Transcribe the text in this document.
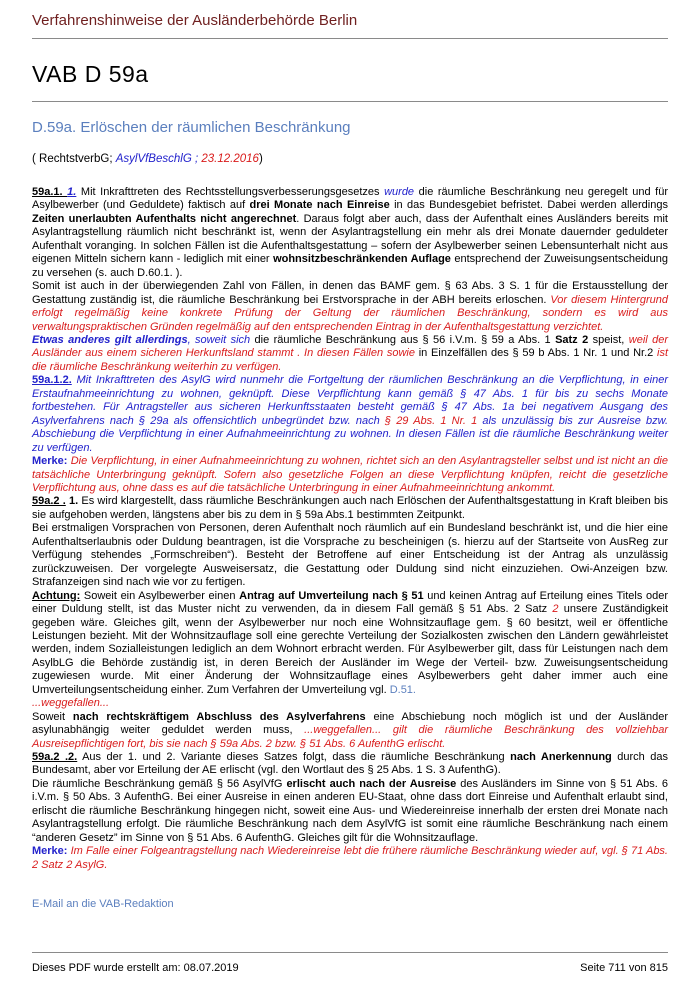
Verfahrenshinweise der Ausländerbehörde Berlin
VAB D 59a
D.59a. Erlöschen der räumlichen Beschränkung

( RechtstverbG; AsylVfBeschlG ; 23.12.2016)

59a.1. 1. Mit Inkrafttreten des Rechtsstellungsverbesserungsgesetzes wurde die räumliche Beschränkung neu geregelt und für Asylbewerber (und Geduldete) faktisch auf drei Monate nach Einreise in das Bundesgebiet befristet. Dabei werden allerdings Zeiten unerlaubten Aufenthalts nicht angerechnet. Daraus folgt aber auch, dass der Aufenthalt eines Ausländers bereits mit Asylantragstellung räumlich nicht beschränkt ist, wenn der Asylantragstellung ein mehr als drei Monate dauernder geduldeter Aufenthalt voranging. In solchen Fällen ist die Aufenthaltsgestattung – sofern der Asylbewerber seinen Lebensunterhalt nicht aus eigenen Mitteln sichern kann - lediglich mit einer wohnsitzbeschränkenden Auflage entsprechend der Zuweisungsentscheidung zu versehen (s. auch D.60.1. ).

Somit ist auch in der überwiegenden Zahl von Fällen, in denen das BAMF gem. § 63 Abs. 3 S. 1 für die Erstausstellung der Gestattung zuständig ist, die räumliche Beschränkung bei Erstvorsprache in der ABH bereits erloschen. Vor diesem Hintergrund erfolgt regelmäßig keine konkrete Prüfung der Geltung der räumlichen Beschränkung, sondern es wird aus verwaltungspraktischen Gründen regelmäßig auf den entsprechenden Eintrag in der Aufenthaltsgestattung verzichtet.

Etwas anderes gilt allerdings, soweit sich die räumliche Beschränkung aus § 56 i.V.m. § 59 a Abs. 1 Satz 2 speist, weil der Ausländer aus einem sicheren Herkunftsland stammt . In diesen Fällen sowie in Einzelfällen des § 59 b Abs. 1 Nr. 1 und Nr.2 ist die räumliche Beschränkung weiterhin zu verfügen.

59a.1.2. Mit Inkrafttreten des AsylG wird nunmehr die Fortgeltung der räumlichen Beschränkung an die Verpflichtung, in einer Erstaufnahmeeinrichtung zu wohnen, geknüpft. Diese Verpflichtung kann gemäß § 47 Abs. 1 für bis zu sechs Monate fortbestehen. Für Antragsteller aus sicheren Herkunftsstaaten besteht gemäß § 47 Abs. 1a bei negativem Ausgang des Asylverfahrens nach § 29a als offensichtlich unbegründet bzw. nach § 29 Abs. 1 Nr. 1 als unzulässig bis zur Ausreise bzw. Abschiebung die Verpflichtung in einer Aufnahmeeinrichtung zu wohnen. In diesen Fällen ist die räumliche Beschränkung weiter zu verfügen.

Merke: Die Verpflichtung, in einer Aufnahmeeinrichtung zu wohnen, richtet sich an den Asylantragsteller selbst und ist nicht an die tatsächliche Unterbringung geknüpft. Sofern also gesetzliche Folgen an diese Verpflichtung knüpfen, reicht die gesetzliche Verpflichtung aus, ohne dass es auf die tatsächliche Unterbringung in einer Aufnahmeeinrichtung ankommt.

59a.2 . 1. Es wird klargestellt, dass räumliche Beschränkungen auch nach Erlöschen der Aufenthaltsgestattung in Kraft bleiben bis sie aufgehoben werden, längstens aber bis zu dem in § 59a Abs.1 bestimmten Zeitpunkt.

Bei erstmaligen Vorsprachen von Personen, deren Aufenthalt noch räumlich auf ein Bundesland beschränkt ist, und die hier eine Aufenthaltserlaubnis oder Duldung beantragen, ist die Vorsprache zu bescheinigen (s. hierzu auf der Startseite von AusReg zur Verfügung stehendes „Formschreiben“). Besteht der Betroffene auf einer Entscheidung ist der Antrag als unzulässig zurückzuweisen. Der vorgelegte Ausweisersatz, die Gestattung oder Duldung sind nicht einzuziehen. Owi-Anzeigen bzw. Strafanzeigen sind nach wie vor zu fertigen.

Achtung: Soweit ein Asylbewerber einen Antrag auf Umverteilung nach § 51 und keinen Antrag auf Erteilung eines Titels oder einer Duldung stellt, ist das Muster nicht zu verwenden, da in diesem Fall gemäß § 51 Abs. 2 Satz 2 unsere Zuständigkeit gegeben wäre. Gleiches gilt, wenn der Asylbewerber nur noch eine Wohnsitzauflage gem. § 60 besitzt, weil er öffentliche Leistungen bezieht. Mit der Wohnsitzauflage soll eine gerechte Verteilung der Sozialkosten zwischen den Ländern gewährleistet werden, indem Sozialleistungen lediglich an dem Wohnort erbracht werden. Für Asylbewerber gilt, dass für Leistungen nach dem AsylbLG die Behörde zuständig ist, in deren Bereich der Ausländer im Wege der Verteil- bzw. Zuweisungsentscheidung zugewiesen wurde. Mit einer Änderung der Wohnsitzauflage eines Asylbewerbers geht daher immer auch eine Umverteilungsentscheidung einher. Zum Verfahren der Umverteilung vgl. D.51.

...weggefallen...

Soweit nach rechtskräftigem Abschluss des Asylverfahrens eine Abschiebung noch möglich ist und der Ausländer asylunabhängig weiter geduldet werden muss, ...weggefallen... gilt die räumliche Beschränkung des vollziehbar Ausreisepflichtigen fort, bis sie nach § 59a Abs. 2 bzw. § 51 Abs. 6 AufenthG erlischt.

59a.2 .2. Aus der 1. und 2. Variante dieses Satzes folgt, dass die räumliche Beschränkung nach Anerkennung durch das Bundesamt, aber vor Erteilung der AE erlischt (vgl. den Wortlaut des § 25 Abs. 1 S. 3 AufenthG).

Die räumliche Beschränkung gemäß § 56 AsylVfG erlischt auch nach der Ausreise des Ausländers im Sinne von § 51 Abs. 6 i.V.m. § 50 Abs. 3 AufenthG. Bei einer Ausreise in einen anderen EU-Staat, ohne dass dort Einreise und Aufenthalt erlaubt sind, erlischt die räumliche Beschränkung hingegen nicht, soweit eine Aus- und Wiedereinreise innerhalb der ersten drei Monate nach Asylantragstellung erfolgt. Die räumliche Beschränkung nach dem AsylVfG ist somit eine räumliche Beschränkung nach einem “anderen Gesetz” im Sinne von § 51 Abs. 6 AufenthG. Gleiches gilt für die Wohnsitzauflage.

Merke: Im Falle einer Folgeantragstellung nach Wiedereinreise lebt die frühere räumliche Beschränkung wieder auf, vgl. § 71 Abs. 2 Satz 2 AsylG.

E-Mail an die VAB-Redaktion
Dieses PDF wurde erstellt am: 08.07.2019	Seite 711 von 815
